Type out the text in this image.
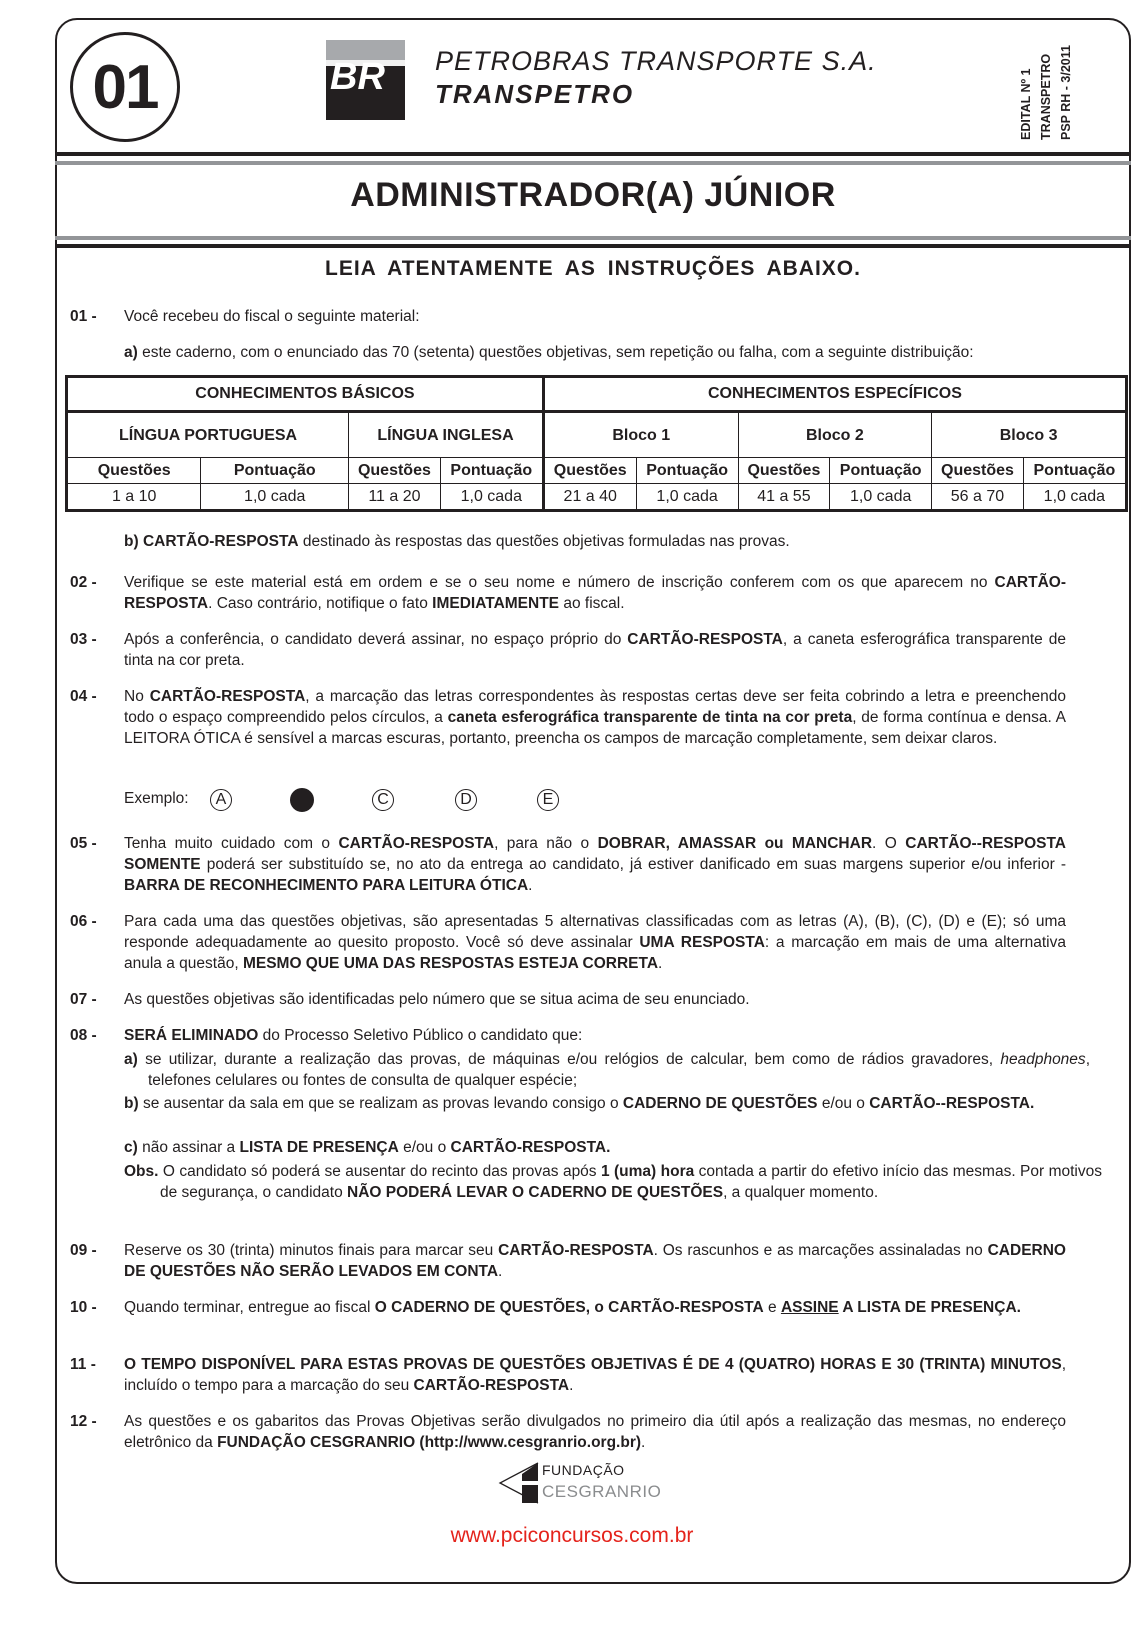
01	BR PETROBRAS TRANSPORTE S.A.
TRANSPETRO	EDITAL Nº 1 TRANSPETRO PSP RH - 3/2011
ADMINISTRADOR(A) JÚNIOR
LEIA ATENTAMENTE AS INSTRUÇÕES ABAIXO.
01 -	Você recebeu do fiscal o seguinte material:
a) este caderno, com o enunciado das 70 (setenta) questões objetivas, sem repetição ou falha, com a seguinte distribuição:
CONHECIMENTOS BÁSICOS				CONHECIMENTOS ESPECÍFICOS					
LÍNGUA PORTUGUESA		LÍNGUA INGLESA		Bloco 1		Bloco 2		Bloco 3	
Questões	Pontuação	Questões	Pontuação	Questões	Pontuação	Questões	Pontuação	Questões	Pontuação
1 a 10	1,0 cada	11 a 20	1,0 cada	21 a 40	1,0 cada	41 a 55	1,0 cada	56 a 70	1,0 cada
b) CARTÃO-RESPOSTA destinado às respostas das questões objetivas formuladas nas provas.
02 -	Verifique se este material está em ordem e se o seu nome e número de inscrição conferem com os que aparecem no CARTÃO-RESPOSTA. Caso contrário, notifique o fato IMEDIATAMENTE ao fiscal.
03 -	Após a conferência, o candidato deverá assinar, no espaço próprio do CARTÃO-RESPOSTA, a caneta esferográfica transparente de tinta na cor preta.
04 -	No CARTÃO-RESPOSTA, a marcação das letras correspondentes às respostas certas deve ser feita cobrindo a letra e preenchendo todo o espaço compreendido pelos círculos, a caneta esferográfica transparente de tinta na cor preta, de forma contínua e densa. A LEITORA ÓTICA é sensível a marcas escuras, portanto, preencha os campos de marcação completamente, sem deixar claros.
Exemplo:	A	C	D	E
05 -	Tenha muito cuidado com o CARTÃO-RESPOSTA, para não o DOBRAR, AMASSAR ou MANCHAR. O CARTÃO--RESPOSTA SOMENTE poderá ser substituído se, no ato da entrega ao candidato, já estiver danificado em suas margens superior e/ou inferior - BARRA DE RECONHECIMENTO PARA LEITURA ÓTICA.
06 -	Para cada uma das questões objetivas, são apresentadas 5 alternativas classificadas com as letras (A), (B), (C), (D) e (E); só uma responde adequadamente ao quesito proposto. Você só deve assinalar UMA RESPOSTA: a marcação em mais de uma alternativa anula a questão, MESMO QUE UMA DAS RESPOSTAS ESTEJA CORRETA.
07 -	As questões objetivas são identificadas pelo número que se situa acima de seu enunciado.
08 -	SERÁ ELIMINADO do Processo Seletivo Público o candidato que:
a) se utilizar, durante a realização das provas, de máquinas e/ou relógios de calcular, bem como de rádios gravadores, headphones, telefones celulares ou fontes de consulta de qualquer espécie;
b) se ausentar da sala em que se realizam as provas levando consigo o CADERNO DE QUESTÕES e/ou o CARTÃO--RESPOSTA.
c) não assinar a LISTA DE PRESENÇA e/ou o CARTÃO-RESPOSTA.
Obs. O candidato só poderá se ausentar do recinto das provas após 1 (uma) hora contada a partir do efetivo início das mesmas. Por motivos de segurança, o candidato NÃO PODERÁ LEVAR O CADERNO DE QUESTÕES, a qualquer momento.
09 -	Reserve os 30 (trinta) minutos finais para marcar seu CARTÃO-RESPOSTA. Os rascunhos e as marcações assinaladas no CADERNO DE QUESTÕES NÃO SERÃO LEVADOS EM CONTA.
10 -	Quando terminar, entregue ao fiscal O CADERNO DE QUESTÕES, o CARTÃO-RESPOSTA e ASSINE A LISTA DE PRESENÇA.
11 -	O TEMPO DISPONÍVEL PARA ESTAS PROVAS DE QUESTÕES OBJETIVAS É DE 4 (QUATRO) HORAS E 30 (TRINTA) MINUTOS, incluído o tempo para a marcação do seu CARTÃO-RESPOSTA.
12 -	As questões e os gabaritos das Provas Objetivas serão divulgados no primeiro dia útil após a realização das mesmas, no endereço eletrônico da FUNDAÇÃO CESGRANRIO (http://www.cesgranrio.org.br).
FUNDAÇÃO
CESGRANRIO
www.pciconcursos.com.br
